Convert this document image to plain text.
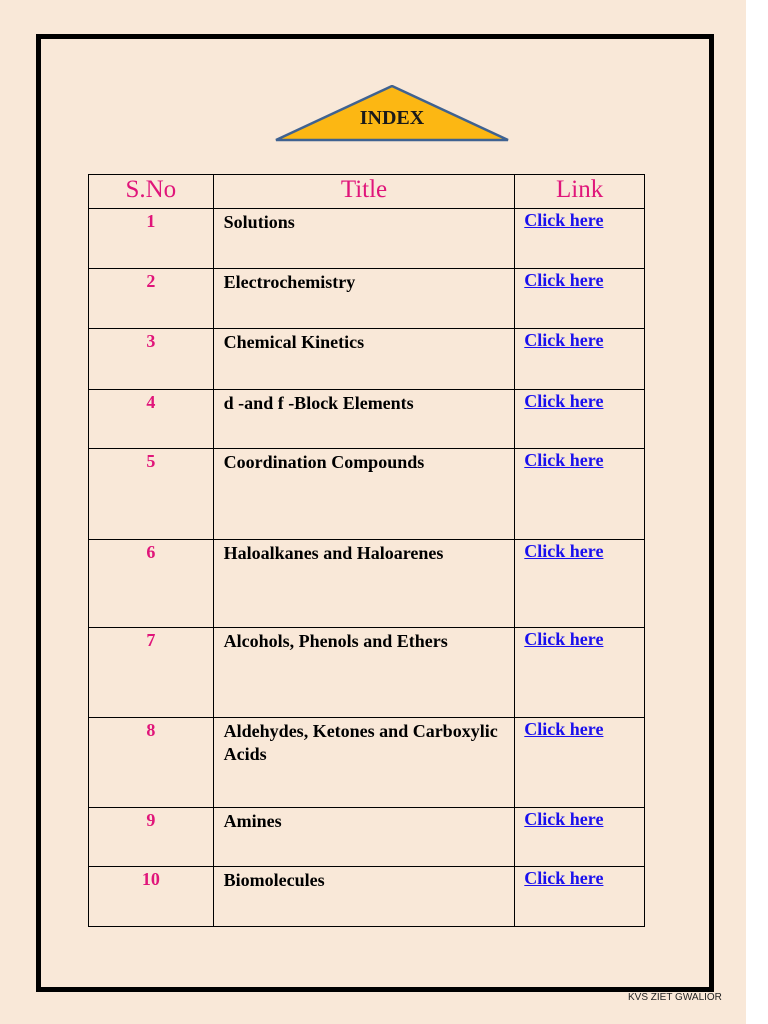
INDEX
S.No	Title	Link
1	Solutions	Click here
2	Electrochemistry	Click here
3	Chemical Kinetics	Click here
4	d -and f -Block Elements	Click here
5	Coordination Compounds	Click here
6	Haloalkanes and Haloarenes	Click here
7	Alcohols, Phenols and Ethers	Click here
8	Aldehydes, Ketones and Carboxylic Acids	Click here
9	Amines	Click here
10	Biomolecules	Click here
KVS ZIET GWALIOR
